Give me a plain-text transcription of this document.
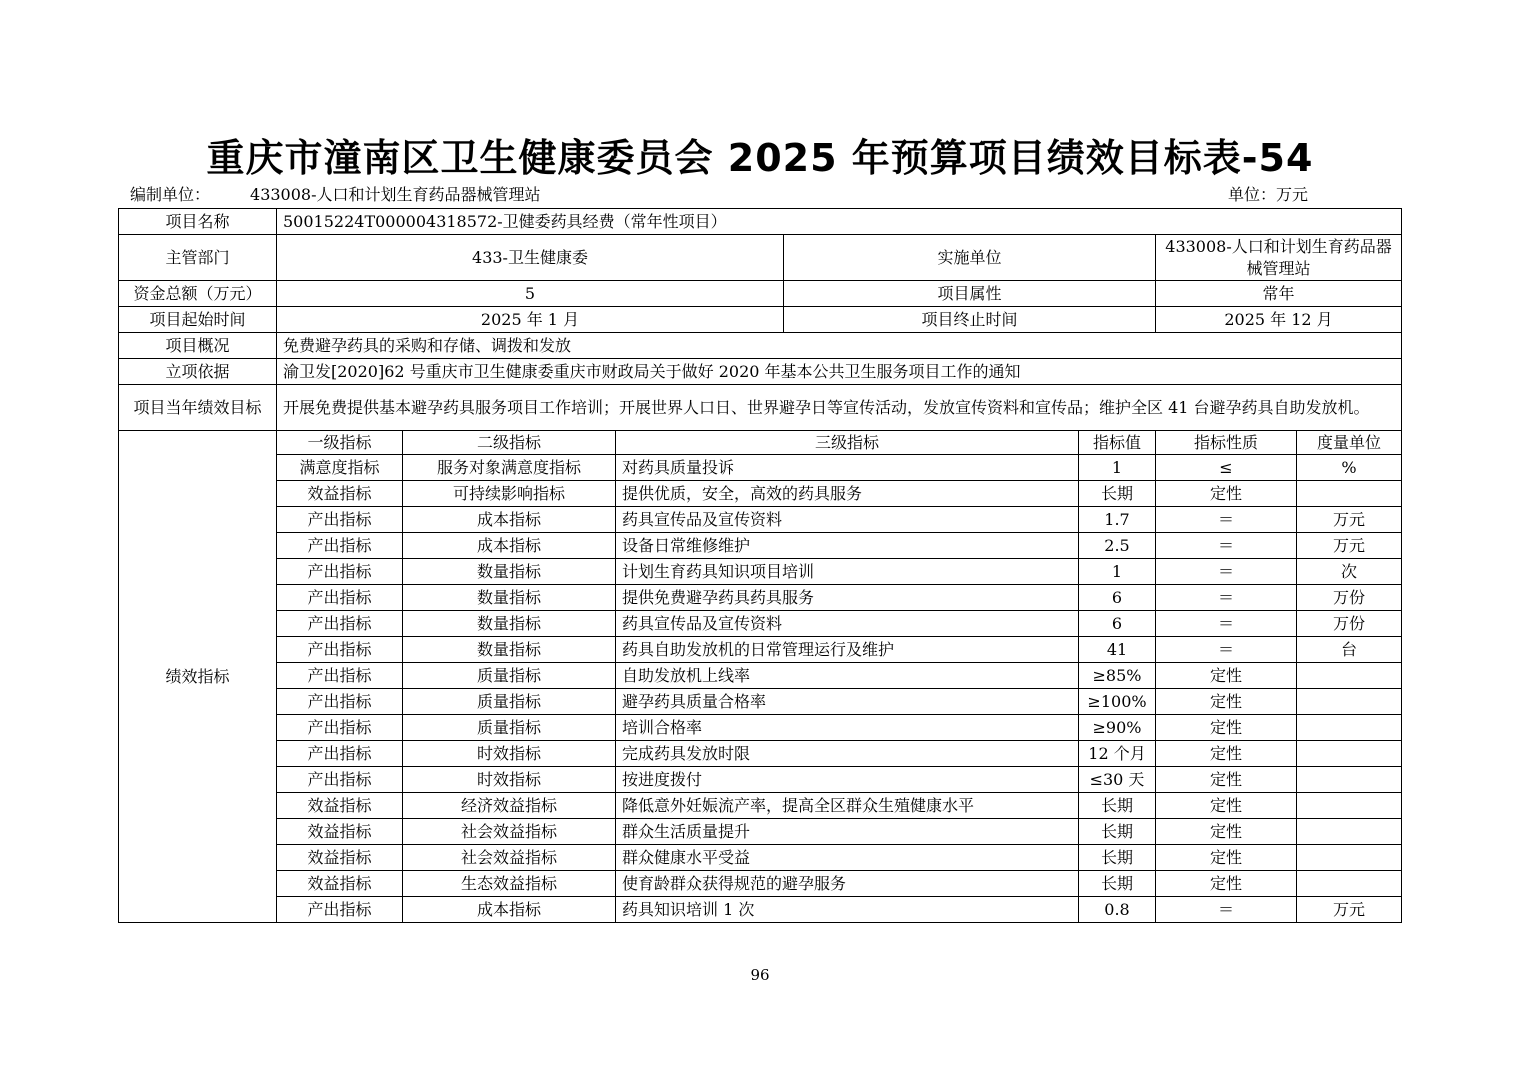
重庆市潼南区卫生健康委员会 2025 年预算项目绩效目标表-54
编制单位：	433008-人口和计划生育药品器械管理站	单位：万元
项目名称	50015224T000004318572-卫健委药具经费（常年性项目）						
主管部门	433-卫生健康委			实施单位		433008-人口和计划生育药品器械管理站	
资金总额（万元）	5			项目属性		常年	
项目起始时间	2025 年 1 月			项目终止时间		2025 年 12 月	
项目概况	免费避孕药具的采购和存储、调拨和发放						
立项依据	渝卫发[2020]62 号重庆市卫生健康委重庆市财政局关于做好 2020 年基本公共卫生服务项目工作的通知						
项目当年绩效目标	开展免费提供基本避孕药具服务项目工作培训；开展世界人口日、世界避孕日等宣传活动，发放宣传资料和宣传品；维护全区 41 台避孕药具自助发放机。						
绩效指标	一级指标	二级指标	三级指标		指标值	指标性质	度量单位
	满意度指标	服务对象满意度指标	对药具质量投诉		1	≤	%
	效益指标	可持续影响指标	提供优质，安全，高效的药具服务		长期	定性	
	产出指标	成本指标	药具宣传品及宣传资料		1.7	＝	万元
	产出指标	成本指标	设备日常维修维护		2.5	＝	万元
	产出指标	数量指标	计划生育药具知识项目培训		1	＝	次
	产出指标	数量指标	提供免费避孕药具药具服务		6	＝	万份
	产出指标	数量指标	药具宣传品及宣传资料		6	＝	万份
	产出指标	数量指标	药具自助发放机的日常管理运行及维护		41	＝	台
	产出指标	质量指标	自助发放机上线率		≥85%	定性	
	产出指标	质量指标	避孕药具质量合格率		≥100%	定性	
	产出指标	质量指标	培训合格率		≥90%	定性	
	产出指标	时效指标	完成药具发放时限		12 个月	定性	
	产出指标	时效指标	按进度拨付		≤30 天	定性	
	效益指标	经济效益指标	降低意外妊娠流产率，提高全区群众生殖健康水平		长期	定性	
	效益指标	社会效益指标	群众生活质量提升		长期	定性	
	效益指标	社会效益指标	群众健康水平受益		长期	定性	
	效益指标	生态效益指标	使育龄群众获得规范的避孕服务		长期	定性	
	产出指标	成本指标	药具知识培训 1 次		0.8	＝	万元
96
